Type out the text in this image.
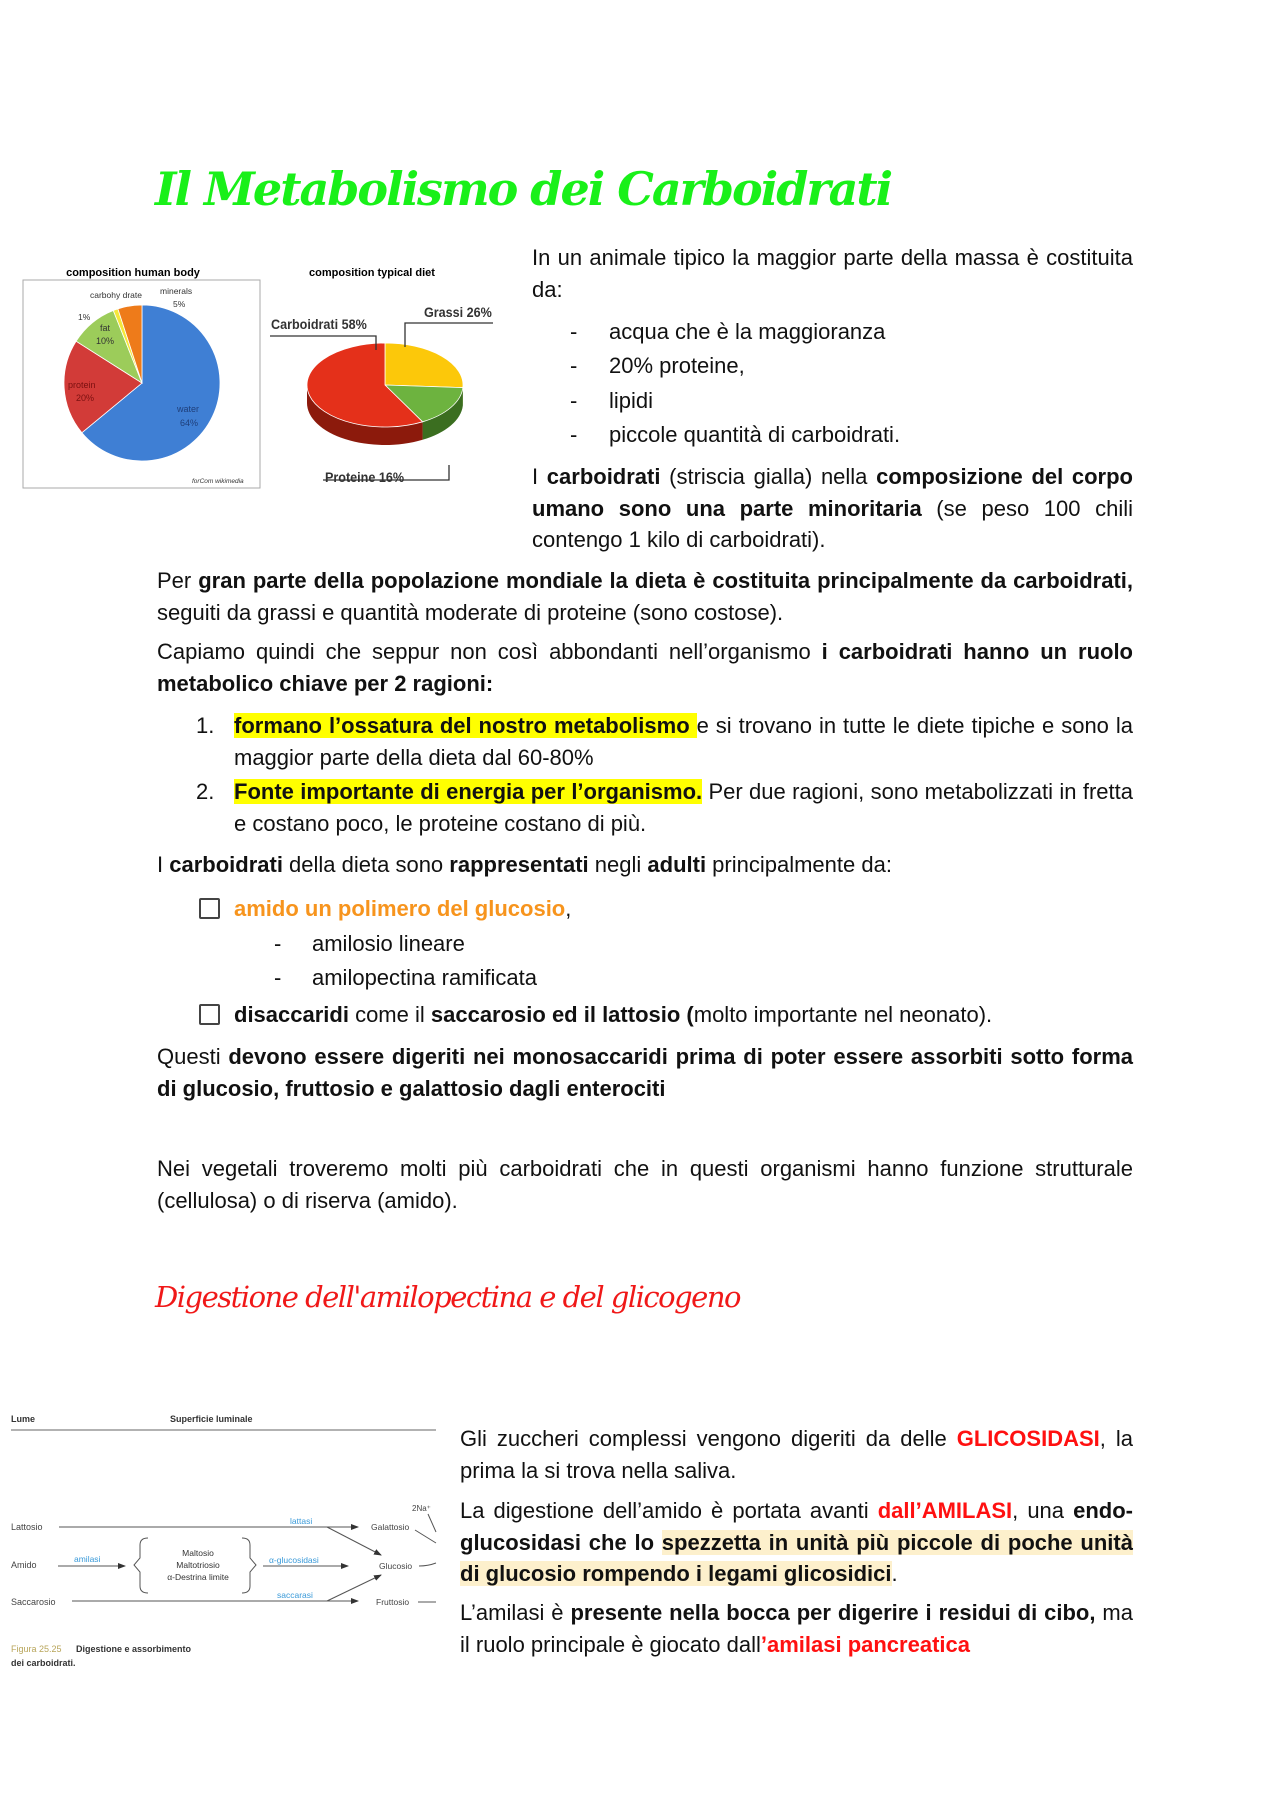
Il Metabolismo dei Carboidrati
composition human body
carbohy drate
1%
minerals
5%
fat
10%
protein
20%
water
64%
forCom wikimedia
composition typical diet
Carboidrati 58%
Grassi 26%
Proteine 16%
In un animale tipico la maggior parte della massa è costituita da:
- acqua che è la maggioranza
- 20% proteine,
- lipidi
- piccole quantità di carboidrati.
I carboidrati (striscia gialla) nella composizione del corpo umano sono una parte minoritaria (se peso 100 chili contengo 1 kilo di carboidrati).
Per gran parte della popolazione mondiale la dieta è costituita principalmente da carboidrati, seguiti da grassi e quantità moderate di proteine (sono costose).
Capiamo quindi che seppur non così abbondanti nell’organismo i carboidrati hanno un ruolo metabolico chiave per 2 ragioni:
1. formano l’ossatura del nostro metabolismo e si trovano in tutte le diete tipiche e sono la maggior parte della dieta dal 60-80%
2. Fonte importante di energia per l’organismo. Per due ragioni, sono metabolizzati in fretta e costano poco, le proteine costano di più.
I carboidrati della dieta sono rappresentati negli adulti principalmente da:
amido un polimero del glucosio,
- amilosio lineare
- amilopectina ramificata
disaccaridi come il saccarosio ed il lattosio (molto importante nel neonato).
Questi devono essere digeriti nei monosaccaridi prima di poter essere assorbiti sotto forma di glucosio, fruttosio e galattosio dagli enterociti
Nei vegetali troveremo molti più carboidrati che in questi organismi hanno funzione strutturale (cellulosa) o di riserva (amido).
Digestione dell'amilopectina e del glicogeno
Lume	Superficie luminale
Lattosio
Amido
Saccarosio
lattasi
amilasi	α-glucosidasi
saccarasi
Maltosio
Maltotriosio
α-Destrina limite
Galattosio
Glucosio
Fruttosio
2Na⁺
Figura 25.25 Digestione e assorbimento
dei carboidrati.
Gli zuccheri complessi vengono digeriti da delle GLICOSIDASI, la prima la si trova nella saliva.
La digestione dell’amido è portata avanti dall’AMILASI, una endo-glucosidasi che lo spezzetta in unità più piccole di poche unità di glucosio rompendo i legami glicosidici.
L’amilasi è presente nella bocca per digerire i residui di cibo, ma il ruolo principale è giocato dall’amilasi pancreatica
